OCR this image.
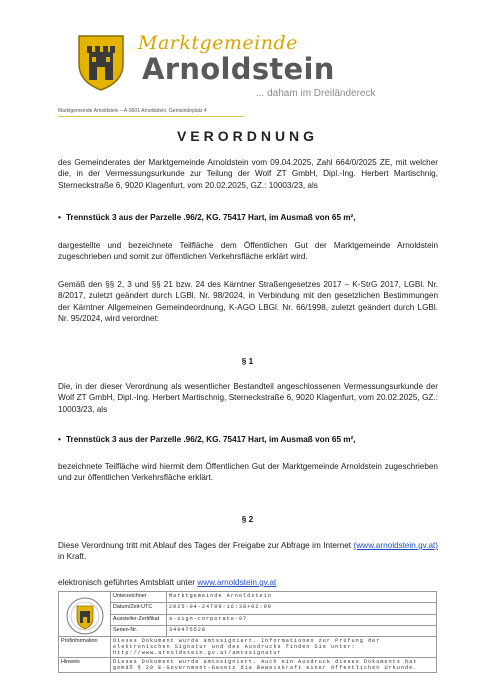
Marktgemeinde
Arnoldstein
... daham im Dreiländereck
Marktgemeinde Arnoldstein – A-9601 Arnoldstein, Gemeindeplatz 4
VERORDNUNG
des Gemeinderates der Marktgemeinde Arnoldstein vom 09.04.2025, Zahl 664/0/2025 ZE, mit welcher die, in der Vermessungsurkunde zur Teilung der Wolf ZT GmbH, Dipl.-Ing. Herbert Martischnig, Sterneckstraße 6, 9020 Klagenfurt, vom 20.02.2025, GZ.: 10003/23, als
• Trennstück 3 aus der Parzelle .96/2, KG. 75417 Hart, im Ausmaß von 65 m²,
dargestellte und bezeichnete Teilfläche dem Öffentlichen Gut der Marktgemeinde Arnoldstein zugeschrieben und somit zur öffentlichen Verkehrsfläche erklärt wird.
Gemäß den §§ 2, 3 und §§ 21 bzw. 24 des Kärntner Straßengesetzes 2017 – K-StrG 2017, LGBl. Nr. 8/2017, zuletzt geändert durch LGBl. Nr. 98/2024, in Verbindung mit den gesetzlichen Bestimmungen der Kärntner Allgemeinen Gemeindeordnung, K-AGO LBGl. Nr. 66/1998, zuletzt geändert durch LGBl. Nr. 95/2024, wird verordnet:
§ 1
Die, in der dieser Verordnung als wesentlicher Bestandteil angeschlossenen Vermessungsurkunde der Wolf ZT GmbH, Dipl.-Ing. Herbert Martischnig, Sterneckstraße 6, 9020 Klagenfurt, vom 20.02.2025, GZ.: 10003/23, als
• Trennstück 3 aus der Parzelle .96/2, KG. 75417 Hart, im Ausmaß von 65 m²,
bezeichnete Teilfläche wird hiermit dem Öffentlichen Gut der Marktgemeinde Arnoldstein zugeschrieben und zur öffentlichen Verkehrsfläche erklärt.
§ 2
Diese Verordnung tritt mit Ablauf des Tages der Freigabe zur Abfrage im Internet (www.arnoldstein.gv.at) in Kraft.
elektronisch geführtes Amtsblatt unter www.arnoldstein.gv.at
	Unterzeichner	Marktgemeinde Arnoldstein
	Datum/Zeit-UTC	2025-04-24T09:16:38+02:00
	Aussteller-Zertifikat	a-sign-corporate-07
	Serien-Nr.	349475528
Prüfinformation	Dieses Dokument wurde amtssigniert. Informationen zur Prüfung der elektronischen Signatur und des Ausdrucks finden Sie unter: http://www.arnoldstein.gv.at/amtssignatur	
Hinweis	Dieses Dokument wurde amtssigniert. Auch ein Ausdruck dieses Dokuments hat gemäß § 20 E-Government-Gesetz die Beweiskraft einer öffentlichen Urkunde.	
